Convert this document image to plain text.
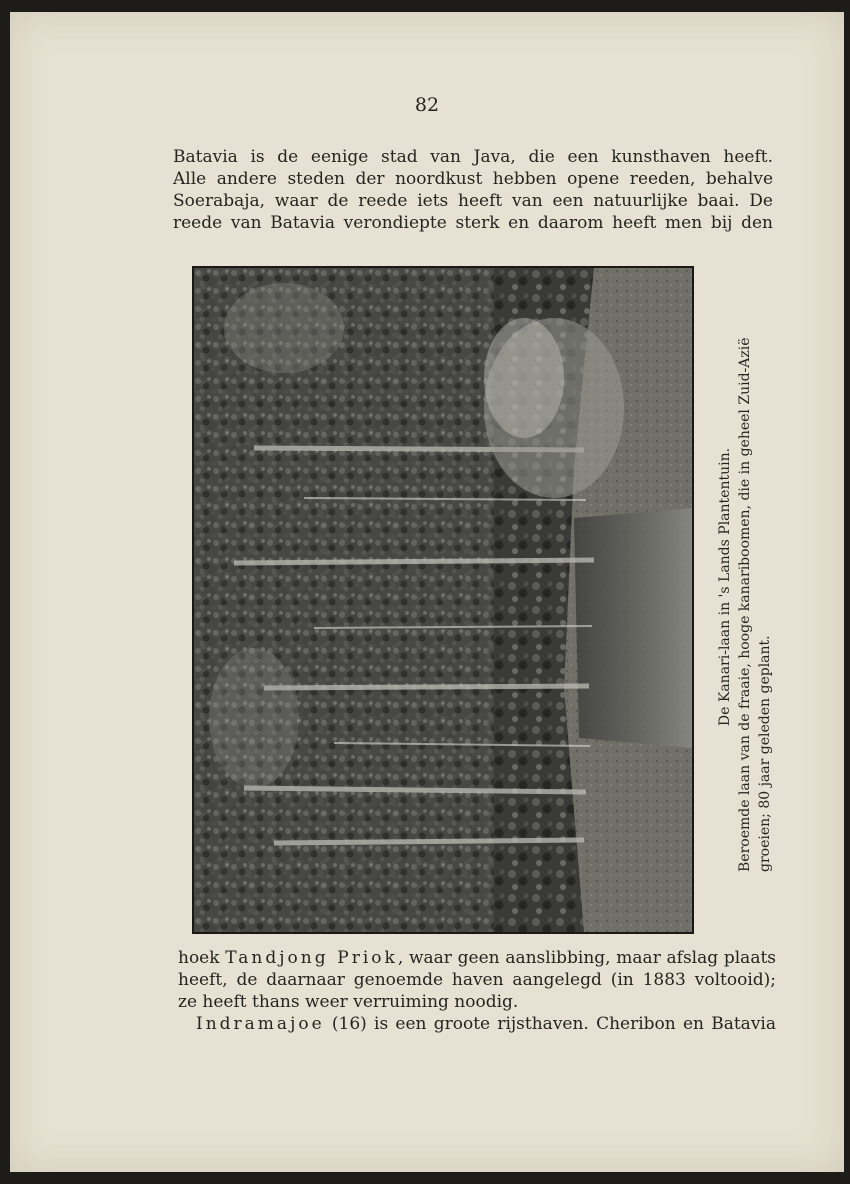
82

Batavia is de eenige stad van Java, die een kunsthaven heeft.

Alle andere steden der noordkust hebben opene reeden, behalve

Soerabaja, waar de reede iets heeft van een natuurlijke baai. De

reede van Batavia verondiepte sterk en daarom heeft men bij den

De Kanari-laan in 's Lands Plantentuin. Beroemde laan van de fraaie, hooge kanariboomen, die in geheel Zuid-Azië groeien; 80 jaar geleden geplant.

hoek Tandjong Priok, waar geen aanslibbing, maar afslag plaats

heeft, de daarnaar genoemde haven aangelegd (in 1883 voltooid);

ze heeft thans weer verruiming noodig.

Indramajoe (16) is een groote rijsthaven. Cheribon en Batavia
